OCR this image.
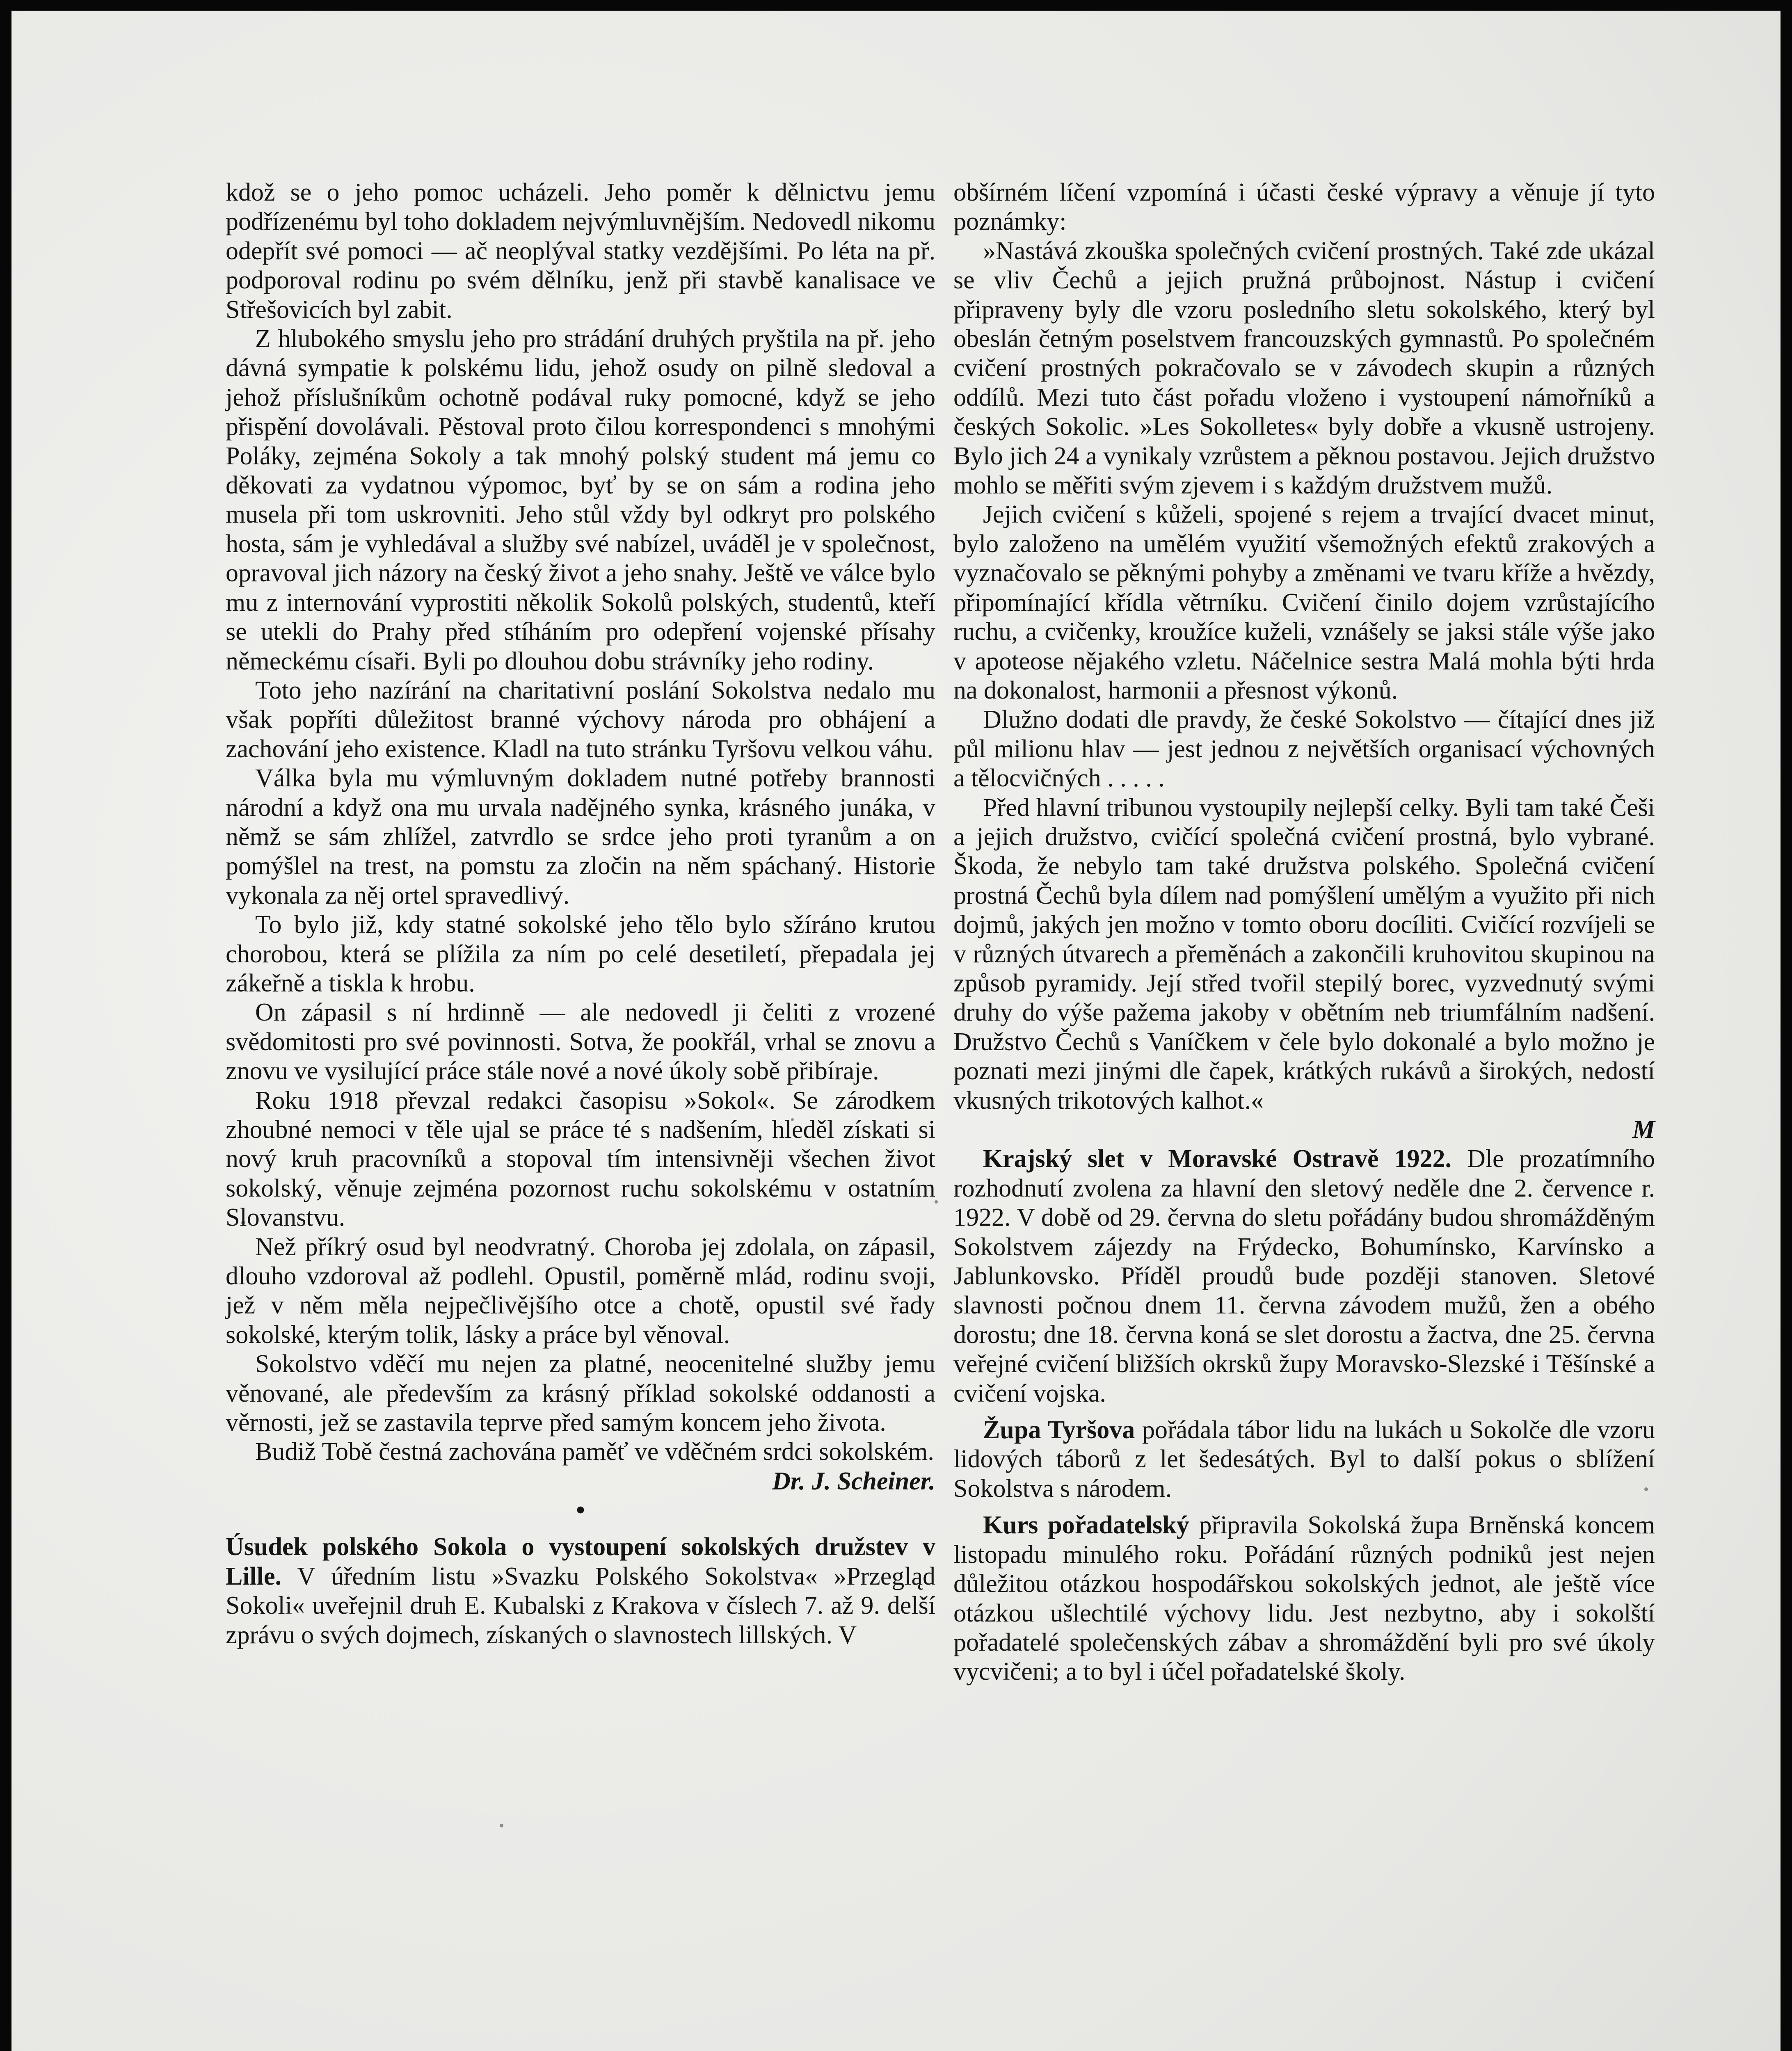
kdož se o jeho pomoc ucházeli. Jeho poměr k dělnictvu jemu podřízenému byl toho dokladem nejvýmluvnějším. Nedovedl nikomu odepřít své pomoci — ač neoplýval statky vezdějšími. Po léta na př. podporoval rodinu po svém dělníku, jenž při stavbě kanalisace ve Střešovicích byl zabit.

Z hlubokého smyslu jeho pro strádání druhých pryštila na př. jeho dávná sympatie k polskému lidu, jehož osudy on pilně sledoval a jehož příslušníkům ochotně podával ruky pomocné, když se jeho přispění dovolávali. Pěstoval proto čilou korrespondenci s mnohými Poláky, zejména Sokoly a tak mnohý polský student má jemu co děkovati za vydatnou výpomoc, byť by se on sám a rodina jeho musela při tom uskrovniti. Jeho stůl vždy byl odkryt pro polského hosta, sám je vyhledával a služby své nabízel, uváděl je v společnost, opravoval jich názory na český život a jeho snahy. Ještě ve válce bylo mu z internování vyprostiti několik Sokolů polských, studentů, kteří se utekli do Prahy před stíháním pro odepření vojenské přísahy německému císaři. Byli po dlouhou dobu strávníky jeho rodiny.

Toto jeho nazírání na charitativní poslání Sokolstva nedalo mu však popříti důležitost branné výchovy národa pro obhájení a zachování jeho existence. Kladl na tuto stránku Tyršovu velkou váhu.

Válka byla mu výmluvným dokladem nutné potřeby brannosti národní a když ona mu urvala nadějného synka, krásného junáka, v němž se sám zhlížel, zatvrdlo se srdce jeho proti tyranům a on pomýšlel na trest, na pomstu za zločin na něm spáchaný. Historie vykonala za něj ortel spravedlivý.

To bylo již, kdy statné sokolské jeho tělo bylo sžíráno krutou chorobou, která se plížila za ním po celé desetiletí, přepadala jej zákeřně a tiskla k hrobu.

On zápasil s ní hrdinně — ale nedovedl ji čeliti z vrozené svědomitosti pro své povinnosti. Sotva, že pookřál, vrhal se znovu a znovu ve vysilující práce stále nové a nové úkoly sobě přibíraje.

Roku 1918 převzal redakci časopisu »Sokol«. Se zárodkem zhoubné nemoci v těle ujal se práce té s nadšením, hleděl získati si nový kruh pracovníků a stopoval tím intensivněji všechen život sokolský, věnuje zejména pozornost ruchu sokolskému v ostatním Slovanstvu.

Než příkrý osud byl neodvratný. Choroba jej zdolala, on zápasil, dlouho vzdoroval až podlehl. Opustil, poměrně mlád, rodinu svoji, jež v něm měla nejpečlivějšího otce a chotě, opustil své řady sokolské, kterým tolik, lásky a práce byl věnoval.

Sokolstvo vděčí mu nejen za platné, neocenitelné služby jemu věnované, ale především za krásný příklad sokolské oddanosti a věrnosti, jež se zastavila teprve před samým koncem jeho života.

Budiž Tobě čestná zachována paměť ve vděčném srdci sokolském.

Dr. J. Scheiner.

•

Úsudek polského Sokola o vystoupení sokolských družstev v Lille. V úředním listu »Svazku Polského Sokolstva« »Przegląd Sokoli« uveřejnil druh E. Kubalski z Krakova v číslech 7. až 9. delší zprávu o svých dojmech, získaných o slavnostech lillských. V

obšírném líčení vzpomíná i účasti české výpravy a věnuje jí tyto poznámky:

»Nastává zkouška společných cvičení prostných. Také zde ukázal se vliv Čechů a jejich pružná průbojnost. Nástup i cvičení připraveny byly dle vzoru posledního sletu sokolského, který byl obeslán četným poselstvem francouzských gymnastů. Po společném cvičení prostných pokračovalo se v závodech skupin a různých oddílů. Mezi tuto část pořadu vloženo i vystoupení námořníků a českých Sokolic. »Les Sokolletes« byly dobře a vkusně ustrojeny. Bylo jich 24 a vynikaly vzrůstem a pěknou postavou. Jejich družstvo mohlo se měřiti svým zjevem i s každým družstvem mužů.

Jejich cvičení s kůželi, spojené s rejem a trvající dvacet minut, bylo založeno na umělém využití všemožných efektů zrakových a vyznačovalo se pěknými pohyby a změnami ve tvaru kříže a hvězdy, připomínající křídla větrníku. Cvičení činilo dojem vzrůstajícího ruchu, a cvičenky, kroužíce kuželi, vznášely se jaksi stále výše jako v apoteose nějakého vzletu. Náčelnice sestra Malá mohla býti hrda na dokonalost, harmonii a přesnost výkonů.

Dlužno dodati dle pravdy, že české Sokolstvo — čítající dnes již půl milionu hlav — jest jednou z největších organisací výchovných a tělocvičných . . . . .

Před hlavní tribunou vystoupily nejlepší celky. Byli tam také Češi a jejich družstvo, cvičící společná cvičení prostná, bylo vybrané. Škoda, že nebylo tam také družstva polského. Společná cvičení prostná Čechů byla dílem nad pomýšlení umělým a využito při nich dojmů, jakých jen možno v tomto oboru docíliti. Cvičící rozvíjeli se v různých útvarech a přeměnách a zakončili kruhovitou skupinou na způsob pyramidy. Její střed tvořil stepilý borec, vyzvednutý svými druhy do výše pažema jakoby v obětním neb triumfálním nadšení. Družstvo Čechů s Vaníčkem v čele bylo dokonalé a bylo možno je poznati mezi jinými dle čapek, krátkých rukávů a širokých, nedostí vkusných trikotových kalhot.«

M

Krajský slet v Moravské Ostravě 1922. Dle prozatímního rozhodnutí zvolena za hlavní den sletový neděle dne 2. července r. 1922. V době od 29. června do sletu pořádány budou shromážděným Sokolstvem zájezdy na Frýdecko, Bohumínsko, Karvínsko a Jablunkovsko. Příděl proudů bude později stanoven. Sletové slavnosti počnou dnem 11. června závodem mužů, žen a obého dorostu; dne 18. června koná se slet dorostu a žactva, dne 25. června veřejné cvičení bližších okrsků župy Moravsko-Slezské i Těšínské a cvičení vojska.

Župa Tyršova pořádala tábor lidu na lukách u Sokolče dle vzoru lidových táborů z let šedesátých. Byl to další pokus o sblížení Sokolstva s národem.

Kurs pořadatelský připravila Sokolská župa Brněnská koncem listopadu minulého roku. Pořádání různých podniků jest nejen důležitou otázkou hospodářskou sokolských jednot, ale ještě více otázkou ušlechtilé výchovy lidu. Jest nezbytno, aby i sokolští pořadatelé společenských zábav a shromáždění byli pro své úkoly vycvičeni; a to byl i účel pořadatelské školy.
